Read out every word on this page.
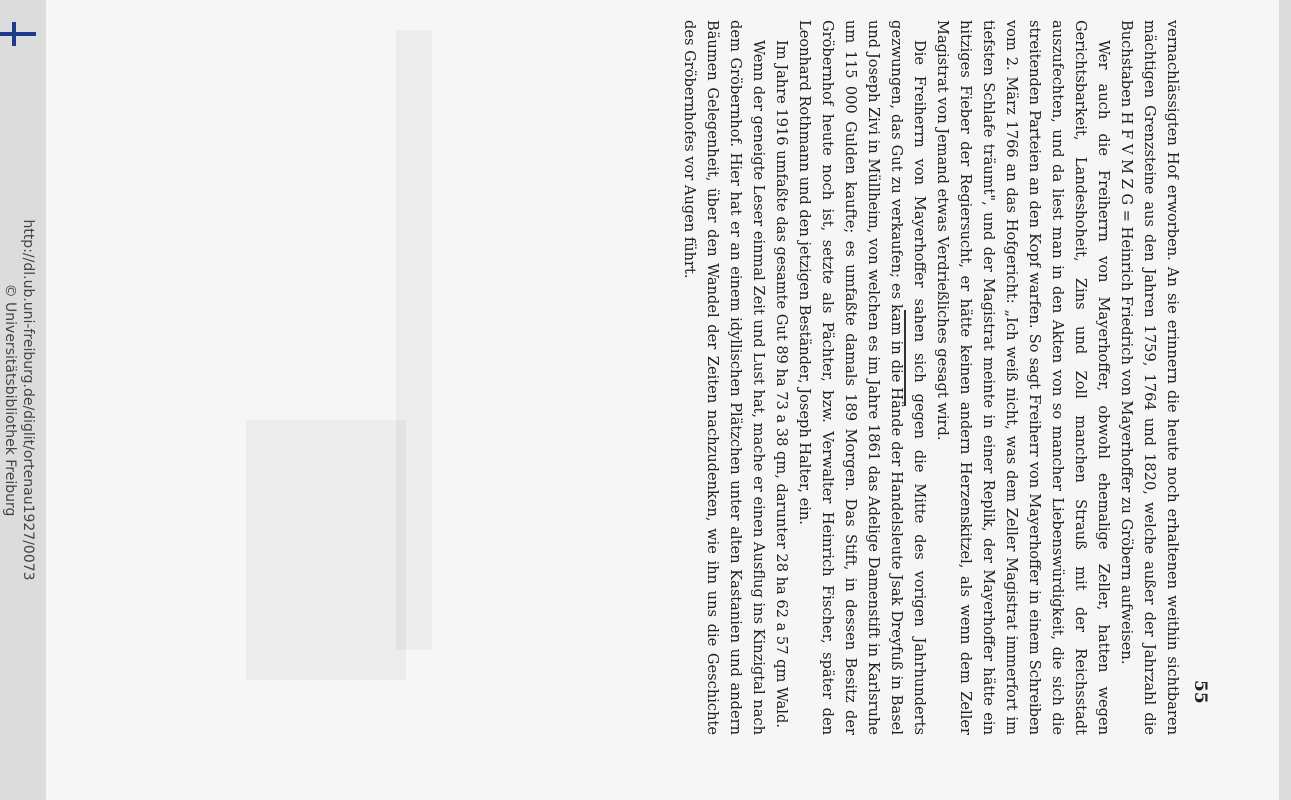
http://dl.ub.uni-freiburg.de/diglit/ortenau1927/0073
© Universitätsbibliothek Freiburg
55

vernachlässigten Hof erworben. An sie erinnern die heute noch erhaltenen weithin sichtbaren mächtigen Grenzsteine aus den Jahren 1759, 1764 und 1820, welche außer der Jahrzahl die Buchstaben H F V M Z G = Heinrich Friedrich von Mayerhoffer zu Gröbern aufweisen.

Wer auch die Freiherrn von Mayerhoffer, obwohl ehemalige Zeller, hatten wegen Gerichtsbarkeit, Landeshoheit, Zins und Zoll manchen Strauß mit der Reichsstadt auszufechten, und da liest man in den Akten von so mancher Liebenswürdigkeit, die sich die streitenden Parteien an den Kopf warfen. So sagt Freiherr von Mayerhoffer in einem Schreiben vom 2. März 1766 an das Hofgericht: „Ich weiß nicht, was dem Zeller Magistrat immerfort im tiefsten Schlafe träumt", und der Magistrat meinte in einer Replik, der Mayerhoffer hätte ein hitziges Fieber der Regiersucht, er hätte keinen andern Herzenskitzel, als wenn dem Zeller Magistrat von Jemand etwas Verdrießliches gesagt wird.

Die Freiherrn von Mayerhoffer sahen sich gegen die Mitte des vorigen Jahrhunderts gezwungen, das Gut zu verkaufen; es kam in die Hände der Handelsleute Jsak Dreyfuß in Basel und Joseph Zivi in Müllheim, von welchen es im Jahre 1861 das Adelige Damenstift in Karlsruhe um 115 000 Gulden kaufte; es umfaßte damals 189 Morgen. Das Stift, in dessen Besitz der Gröbernhof heute noch ist, setzte als Pächter, bzw. Verwalter Heinrich Fischer, später den Leonhard Rothmann und den jetzigen Beständer, Joseph Halter, ein.

Im Jahre 1916 umfaßte das gesamte Gut 89 ha 73 a 38 qm, darunter 28 ha 62 a 57 qm Wald.

Wenn der geneigte Leser einmal Zeit und Lust hat, mache er einen Ausflug ins Kinzigtal nach dem Gröbernhof. Hier hat er an einem idyllischen Plätzchen unter alten Kastanien und andern Bäumen Gelegenheit, über den Wandel der Zeiten nachzudenken, wie ihn uns die Geschichte des Gröbernhofes vor Augen führt.
